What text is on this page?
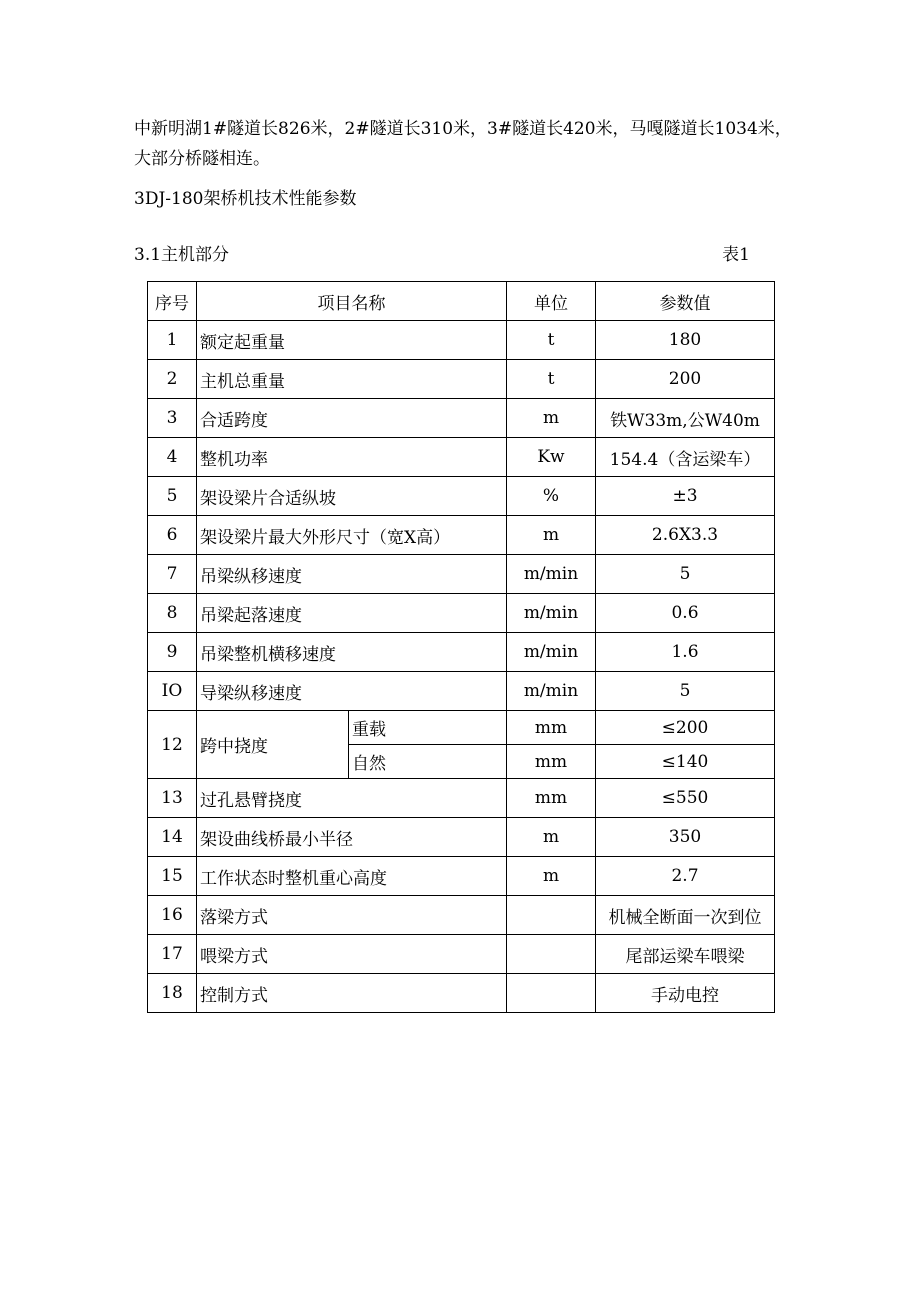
中新明湖1#隧道长826米，2#隧道长310米，3#隧道长420米，马嘎隧道长1034米，大部分桥隧相连。

3DJ-180架桥机技术性能参数

3.1主机部分	表1
序号	项目名称		单位	参数值
1	额定起重量		t	180
2	主机总重量		t	200
3	合适跨度		m	铁W33m,公W40m
4	整机功率		Kw	154.4（含运梁车）
5	架设梁片合适纵坡		%	±3
6	架设梁片最大外形尺寸（宽X高）		m	2.6X3.3
7	吊梁纵移速度		m/min	5
8	吊梁起落速度		m/min	0.6
9	吊梁整机横移速度		m/min	1.6
IO	导梁纵移速度		m/min	5
12	跨中挠度	重载	mm	≤200
		自然	mm	≤140
13	过孔悬臂挠度		mm	≤550
14	架设曲线桥最小半径		m	350
15	工作状态时整机重心高度		m	2.7
16	落梁方式			机械全断面一次到位
17	喂梁方式			尾部运梁车喂梁
18	控制方式			手动电控
